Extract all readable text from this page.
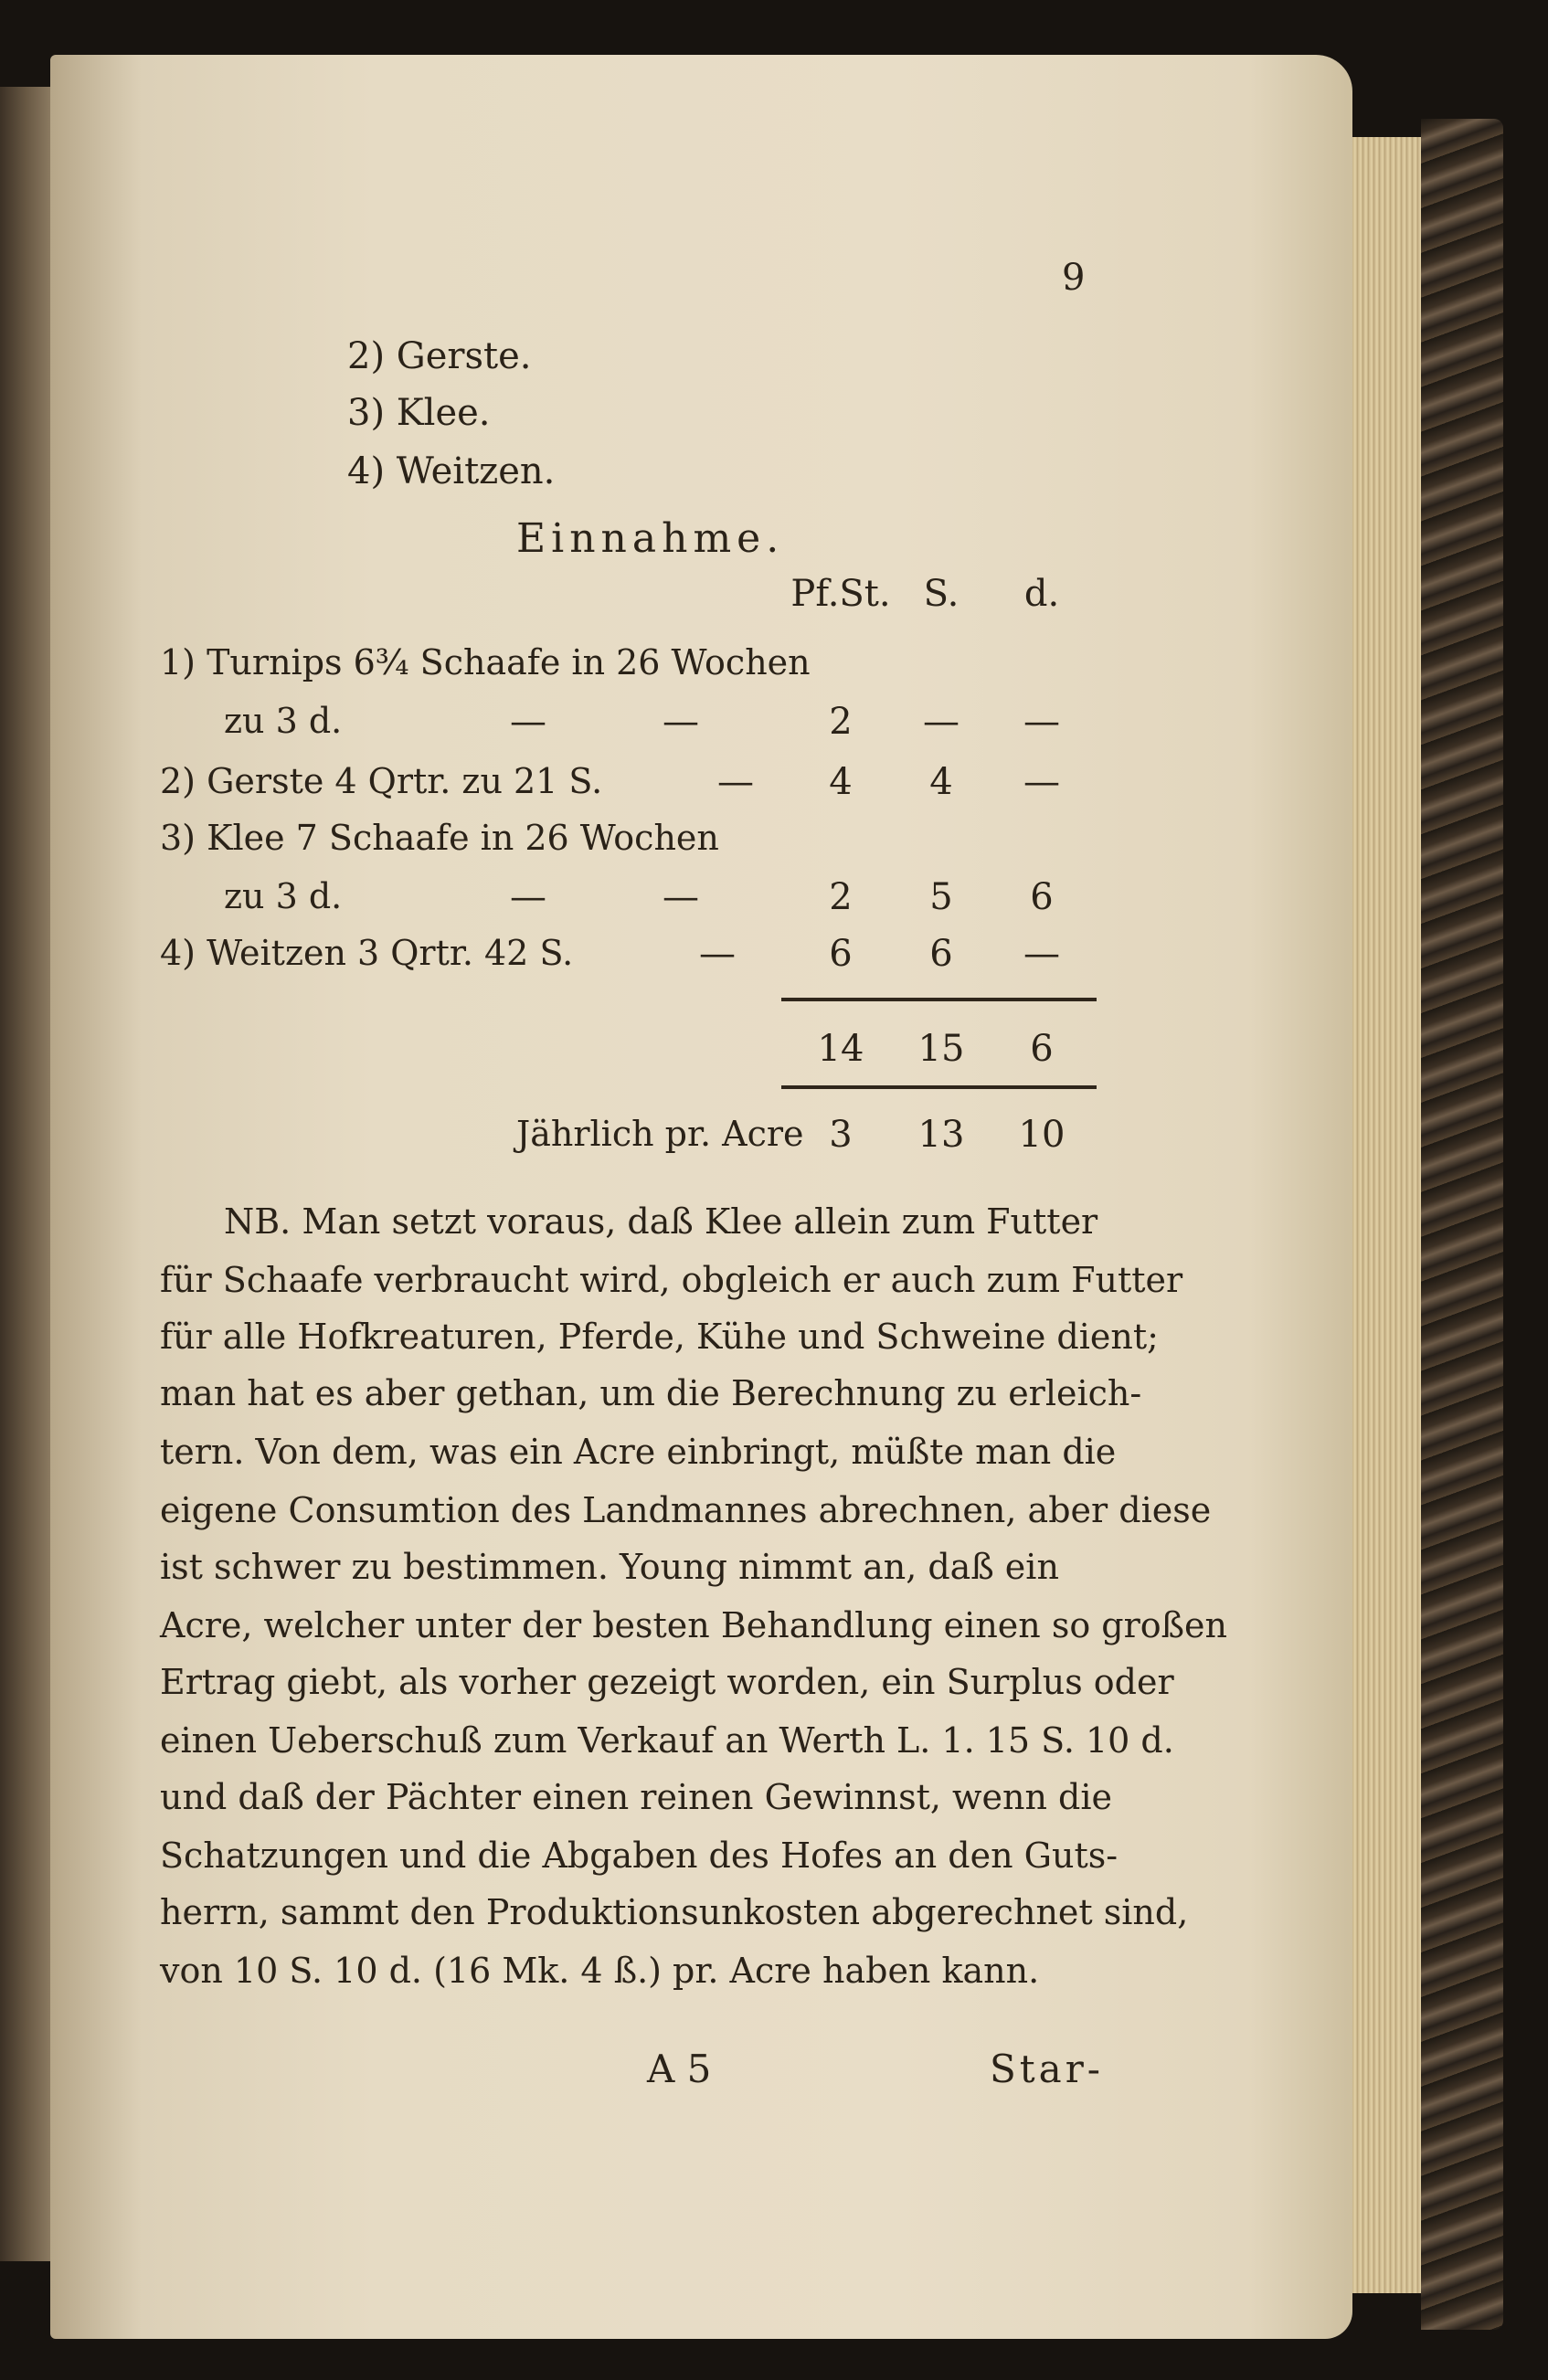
9
2) Gerste.
3) Klee.
4) Weitzen.
Einnahme.
Pf.St. S. d.
1) Turnips 6¾ Schaafe in 26 Wochen
zu 3 d.	—	—	2 — —
2) Gerste 4 Qrtr. zu 21 S.	— 4 4 —
3) Klee 7 Schaafe in 26 Wochen
zu 3 d.	—	—	2 5 6
4) Weitzen 3 Qrtr. 42 S.	—	6 6 —
14 15 6
Jährlich pr. Acre 3 13 10
NB. Man setzt voraus, daß Klee allein zum Futter
für Schaafe verbraucht wird, obgleich er auch zum Futter
für alle Hofkreaturen, Pferde, Kühe und Schweine dient;
man hat es aber gethan, um die Berechnung zu erleich-
tern. Von dem, was ein Acre einbringt, müßte man die
eigene Consumtion des Landmannes abrechnen, aber diese
ist schwer zu bestimmen. Young nimmt an, daß ein
Acre, welcher unter der besten Behandlung einen so großen
Ertrag giebt, als vorher gezeigt worden, ein Surplus oder
einen Ueberschuß zum Verkauf an Werth L. 1. 15 S. 10 d.
und daß der Pächter einen reinen Gewinnst, wenn die
Schatzungen und die Abgaben des Hofes an den Guts-
herrn, sammt den Produktionsunkosten abgerechnet sind,
von 10 S. 10 d. (16 Mk. 4 ß.) pr. Acre haben kann.
A 5	Star-
